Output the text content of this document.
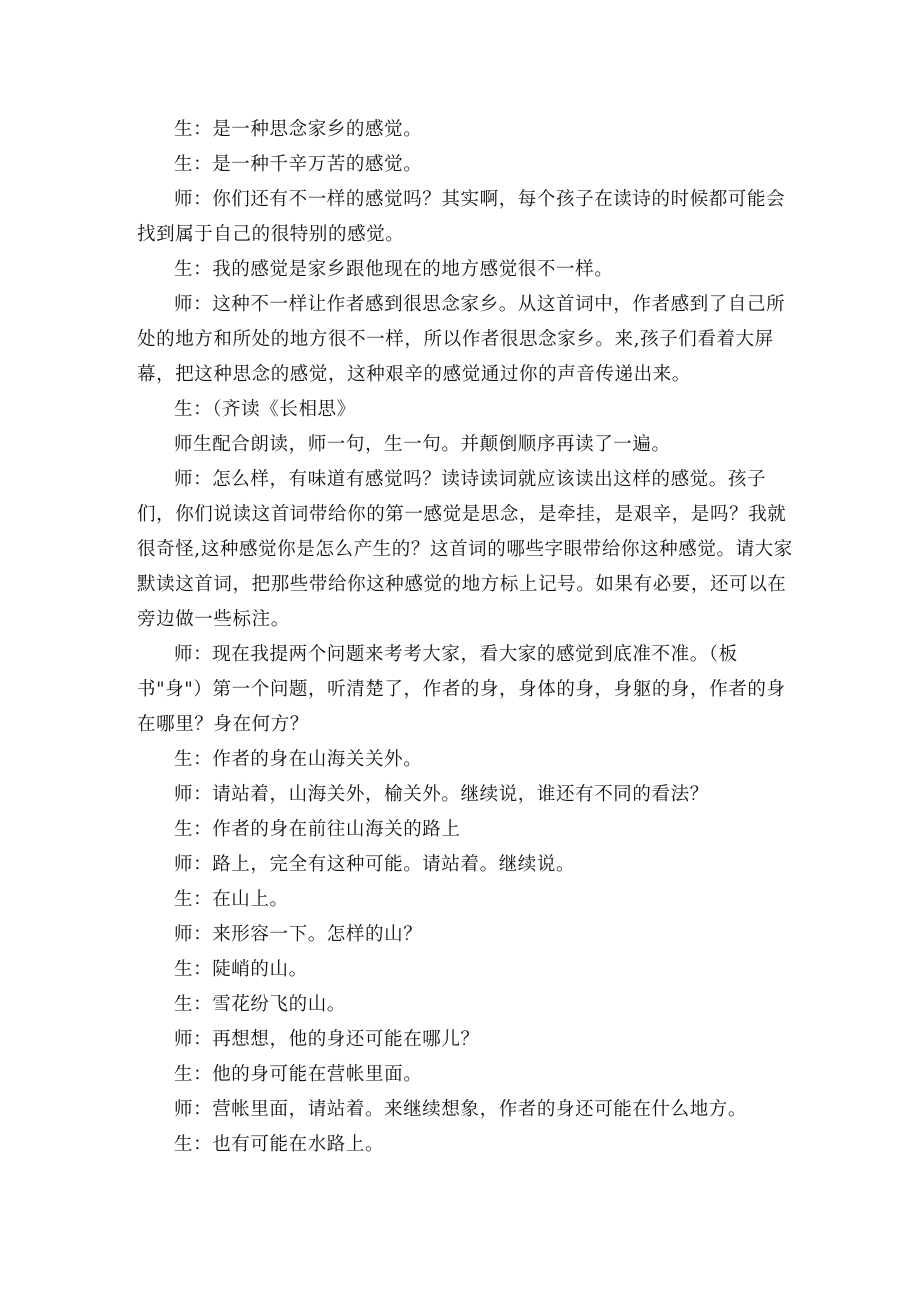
生：是一种思念家乡的感觉。

生：是一种千辛万苦的感觉。

师：你们还有不一样的感觉吗？其实啊，每个孩子在读诗的时候都可能会找到属于自己的很特别的感觉。

生：我的感觉是家乡跟他现在的地方感觉很不一样。

师：这种不一样让作者感到很思念家乡。从这首词中，作者感到了自己所处的地方和所处的地方很不一样，所以作者很思念家乡。来,孩子们看着大屏幕，把这种思念的感觉，这种艰辛的感觉通过你的声音传递出来。

生：（齐读《长相思》

师生配合朗读，师一句，生一句。并颠倒顺序再读了一遍。

师：怎么样，有味道有感觉吗？读诗读词就应该读出这样的感觉。孩子们，你们说读这首词带给你的第一感觉是思念，是牵挂，是艰辛，是吗？我就很奇怪,这种感觉你是怎么产生的？这首词的哪些字眼带给你这种感觉。请大家默读这首词，把那些带给你这种感觉的地方标上记号。如果有必要，还可以在旁边做一些标注。

师：现在我提两个问题来考考大家，看大家的感觉到底准不准。（板书"身"）第一个问题，听清楚了，作者的身，身体的身，身躯的身，作者的身在哪里？身在何方？

生：作者的身在山海关关外。

师：请站着，山海关外，榆关外。继续说，谁还有不同的看法？

生：作者的身在前往山海关的路上

师：路上，完全有这种可能。请站着。继续说。

生：在山上。

师：来形容一下。怎样的山？

生：陡峭的山。

生：雪花纷飞的山。

师：再想想，他的身还可能在哪儿？

生：他的身可能在营帐里面。

师：营帐里面，请站着。来继续想象，作者的身还可能在什么地方。

生：也有可能在水路上。
